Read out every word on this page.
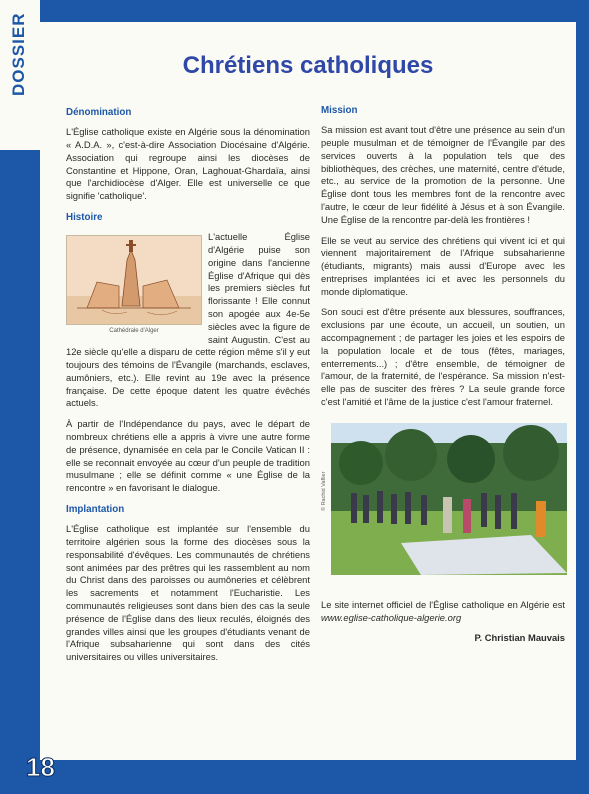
Chrétiens catholiques
Dénomination

L'Église catholique existe en Algérie sous la dénomination « A.D.A. », c'est-à-dire Association Diocésaine d'Algérie. Association qui regroupe ainsi les diocèses de Constantine et Hippone, Oran, Laghouat-Ghardaïa, ainsi que l'archidiocèse d'Alger. Elle est universelle ce que signifie 'catholique'.

Histoire
Cathédrale d'Alger

L'actuelle Église d'Algérie puise son origine dans l'ancienne Église d'Afrique qui dès les premiers siècles fut florissante ! Elle connut son apogée aux 4e-5e siècles avec la figure de saint Augustin. C'est au 12e siècle qu'elle a disparu de cette région même s'il y eut toujours des témoins de l'Évangile (marchands, esclaves, aumôniers, etc.). Elle revint au 19e avec la présence française. De cette époque datent les quatre évêchés actuels.

À partir de l'Indépendance du pays, avec le départ de nombreux chrétiens elle a appris à vivre une autre forme de présence, dynamisée en cela par le Concile Vatican II : elle se reconnait envoyée au cœur d'un peuple de tradition musulmane ; elle se définit comme « une Église de la rencontre » en favorisant le dialogue.

Implantation

L'Église catholique est implantée sur l'ensemble du territoire algérien sous la forme des diocèses sous la responsabilité d'évêques. Les communautés de chrétiens sont animées par des prêtres qui les rassemblent au nom du Christ dans des paroisses ou aumôneries et célèbrent les sacrements et notamment l'Eucharistie. Les communautés religieuses sont dans bien des cas la seule présence de l'Église dans des lieux reculés, éloignés des grandes villes ainsi que les groupes d'étudiants venant de l'Afrique subsaharienne qui sont dans des cités universitaires ou villes universitaires.

Mission

Sa mission est avant tout d'être une présence au sein d'un peuple musulman et de témoigner de l'Évangile par des services ouverts à la population tels que des bibliothèques, des crèches, une maternité, centre d'étude, etc., au service de la promotion de la personne. Une Église dont tous les membres font de la rencontre avec l'autre, le cœur de leur fidélité à Jésus et à son Évangile. Une Église de la rencontre par-delà les frontières !

Elle se veut au service des chrétiens qui vivent ici et qui viennent majoritairement de l'Afrique subsaharienne (étudiants, migrants) mais aussi d'Europe avec les entreprises implantées ici et avec les personnels du monde diplomatique.

Son souci est d'être présente aux blessures, souffrances, exclusions par une écoute, un accueil, un soutien, un accompagnement ; de partager les joies et les espoirs de la population locale et de tous (fêtes, mariages, enterrements...) ; d'être ensemble, de témoigner de l'amour, de la fraternité, de l'espérance. Sa mission n'est-elle pas de susciter des frères ? La seule grande force c'est l'amitié et l'âme de la justice c'est l'amour fraternel.

© Rachid Vaflier

Le site internet officiel de l'Église catholique en Algérie est www.eglise-catholique-algerie.org

P. Christian Mauvais
DOSSIER
18
